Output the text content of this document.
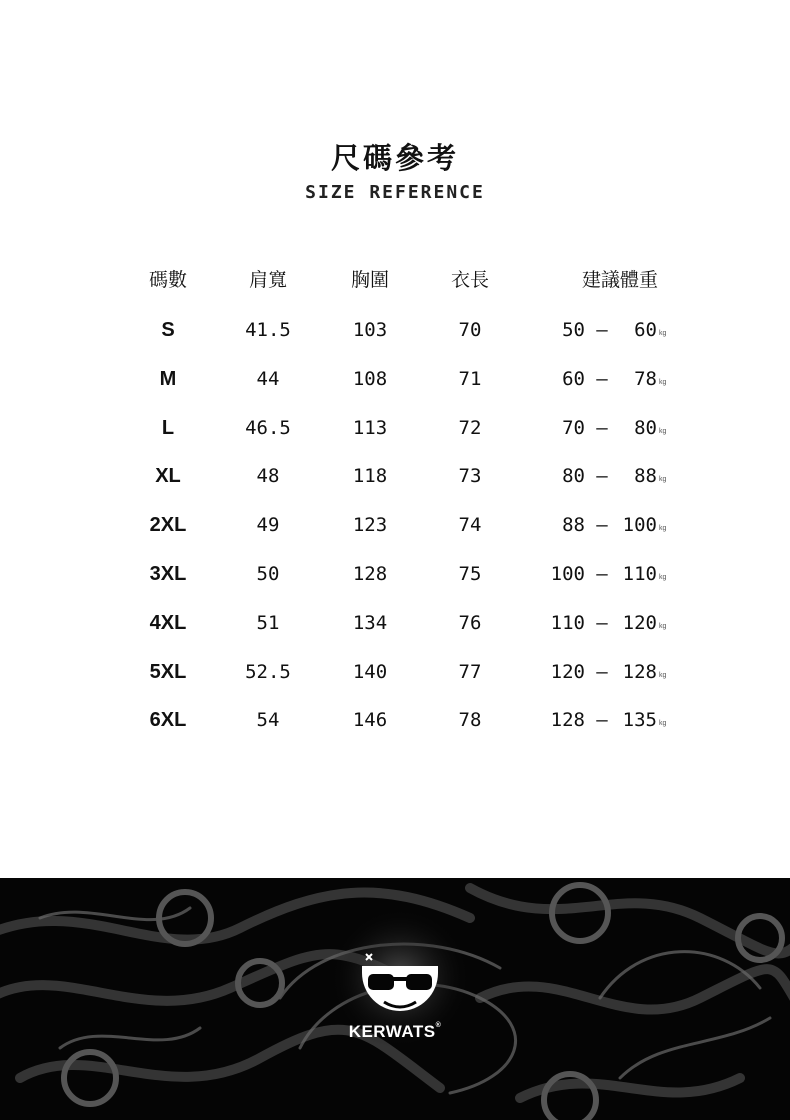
尺碼參考
SIZE REFERENCE
碼數	肩寬	胸圍	衣長	建議體重
S	41.5	103	70	50 –	60 kg
M	44	108	71	60 –	78 kg
L	46.5	113	72	70 –	80 kg
XL	48	118	73	80 –	88 kg
2XL	49	123	74	88 – 100 kg
3XL	50	128	75	100 – 110 kg
4XL	51	134	76	110 – 120 kg
5XL	52.5	140	77	120 – 128 kg
6XL	54	146	78	128 – 135 kg
KERWATS®
